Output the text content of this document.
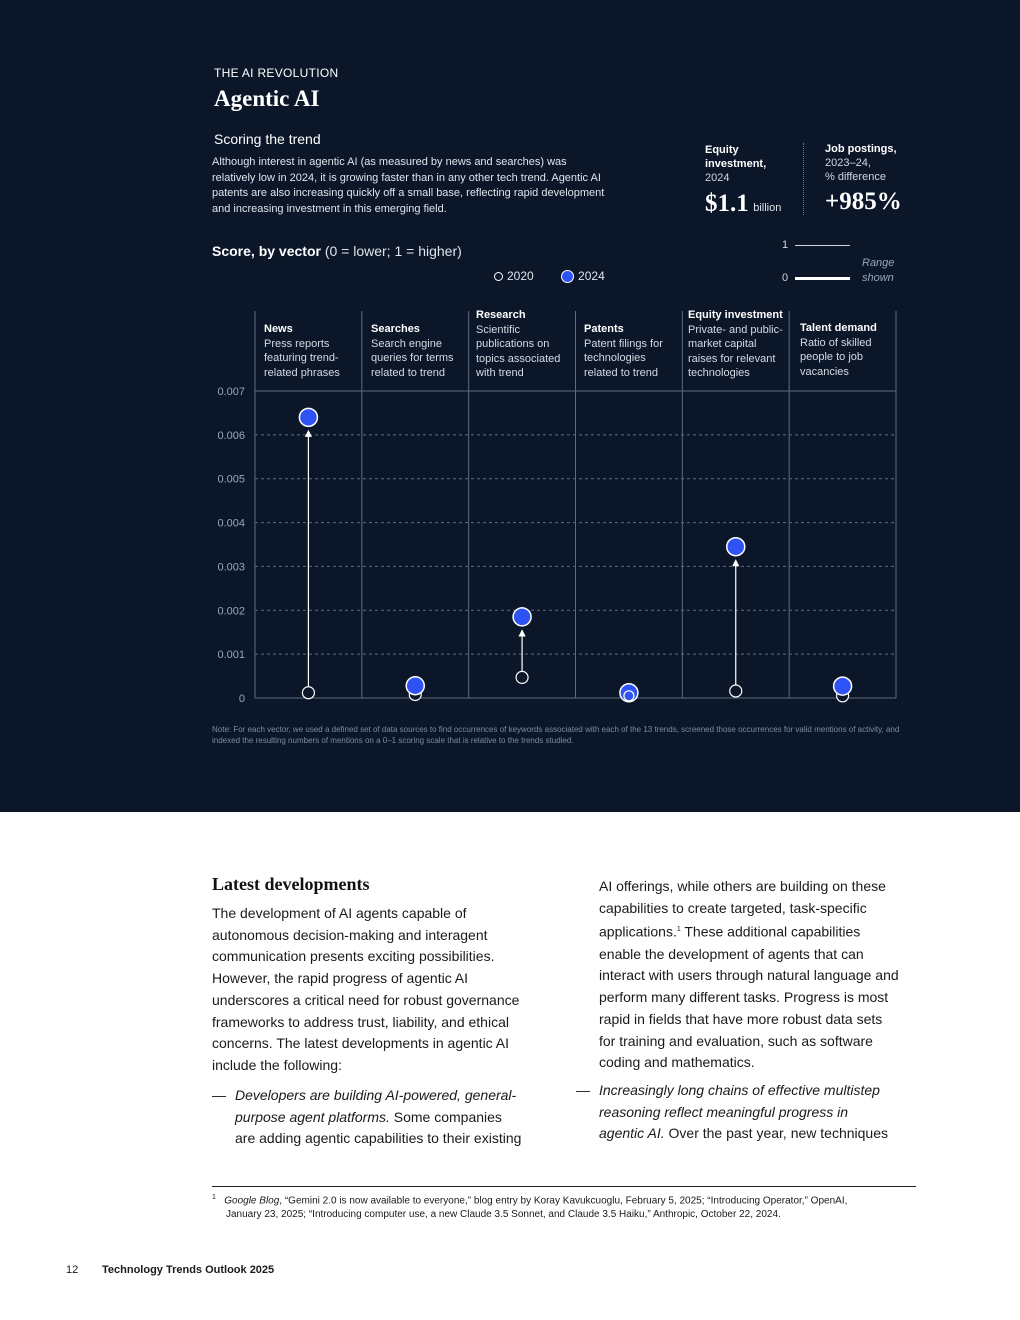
THE AI REVOLUTION
Agentic AI
Scoring the trend
Although interest in agentic AI (as measured by news and searches) was relatively low in 2024, it is growing faster than in any other tech trend. Agentic AI patents are also increasing quickly off a small base, reflecting rapid development and increasing investment in this emerging field.
Equity investment,
2024
$1.1 billion
Job postings,
2023–24,
% difference
+985%
Score, by vector (0 = lower; 1 = higher)
2020	2024
1
0
Range
shown
News
Press reports
featuring trend-
related phrases
Searches
Search engine
queries for terms
related to trend
Research
Scientific
publications on
topics associated
with trend
Patents
Patent filings for
technologies
related to trend
Equity investment
Private- and public-
market capital
raises for relevant
technologies
Talent demand
Ratio of skilled
people to job
vacancies
0
0.001
0.002
0.003
0.004
0.005
0.006
0.007
Note: For each vector, we used a defined set of data sources to find occurrences of keywords associated with each of the 13 trends, screened those occurrences for valid mentions of activity, and indexed the resulting numbers of mentions on a 0–1 scoring scale that is relative to the trends studied.
Latest developments
The development of AI agents capable of
autonomous decision-making and interagent
communication presents exciting possibilities.
However, the rapid progress of agentic AI
underscores a critical need for robust governance
frameworks to address trust, liability, and ethical
concerns. The latest developments in agentic AI
include the following:
— Developers are building AI-powered, general-
purpose agent platforms. Some companies
are adding agentic capabilities to their existing
AI offerings, while others are building on these
capabilities to create targeted, task-specific
applications.$^1$ These additional capabilities
enable the development of agents that can
interact with users through natural language and
perform many different tasks. Progress is most
rapid in fields that have more robust data sets
for training and evaluation, such as software
coding and mathematics.
— Increasingly long chains of effective multistep
reasoning reflect meaningful progress in
agentic AI. Over the past year, new techniques
$^1$ Google Blog, “Gemini 2.0 is now available to everyone,” blog entry by Koray Kavukcuoglu, February 5, 2025; “Introducing Operator,” OpenAI,
January 23, 2025; “Introducing computer use, a new Claude 3.5 Sonnet, and Claude 3.5 Haiku,” Anthropic, October 22, 2024.
12 Technology Trends Outlook 2025
